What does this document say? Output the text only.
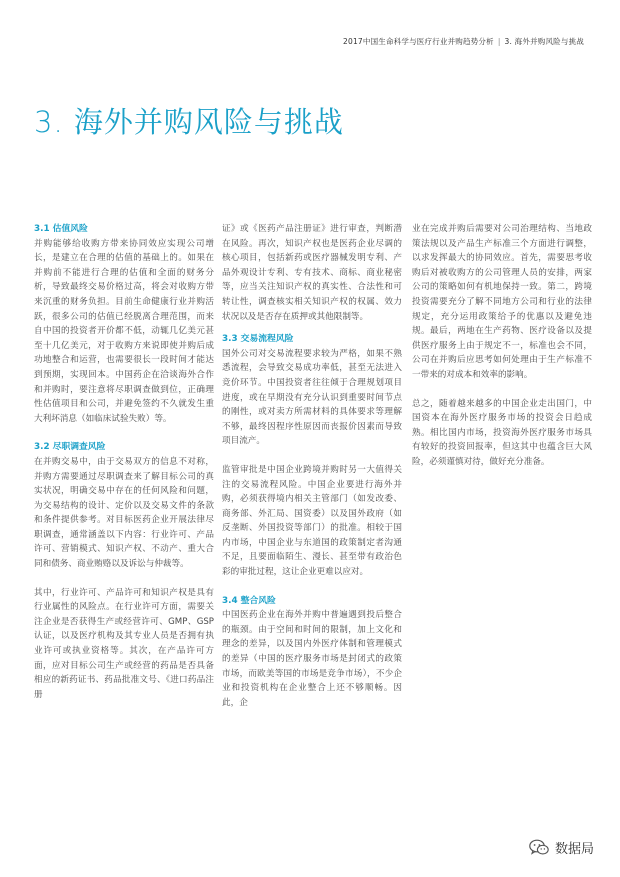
2017中国生命科学与医疗行业并购趋势分析 | 3. 海外并购风险与挑战
3. 海外并购风险与挑战

3.1 估值风险

并购能够给收购方带来协同效应实现公司增长，是建立在合理的估值的基础上的。如果在并购前不能进行合理的估值和全面的财务分析，导致最终交易价格过高，将会对收购方带来沉重的财务负担。目前生命健康行业并购活跃，很多公司的估值已经脱离合理范围，而来自中国的投资者开价都不低，动辄几亿美元甚至十几亿美元，对于收购方来说即使并购后成功地整合和运营，也需要很长一段时间才能达到预期，实现回本。中国药企在洽谈海外合作和并购时，要注意将尽职调查做到位，正确理性估值项目和公司，并避免签约不久就发生重大利坏消息（如临床试验失败）等。

3.2 尽职调查风险

在并购交易中，由于交易双方的信息不对称，并购方需要通过尽职调查来了解目标公司的真实状况，明确交易中存在的任何风险和问题，为交易结构的设计、定价以及交易文件的条款和条件提供参考。对目标医药企业开展法律尽职调查，通常涵盖以下内容：行业许可、产品许可、营销模式、知识产权、不动产、重大合同和债务、商业贿赂以及诉讼与仲裁等。

其中，行业许可、产品许可和知识产权是具有行业属性的风险点。在行业许可方面，需要关注企业是否获得生产或经营许可、GMP、GSP认证，以及医疗机构及其专业人员是否拥有执业许可或执业资格等。其次，在产品许可方面，应对目标公司生产或经营的药品是否具备相应的新药证书、药品批准文号、《进口药品注册

证》或《医药产品注册证》进行审查，判断潜在风险。再次，知识产权也是医药企业尽调的核心项目，包括新药或医疗器械发明专利、产品外观设计专利、专有技术、商标、商业秘密等，应当关注知识产权的真实性、合法性和可转让性，调查核实相关知识产权的权属、效力状况以及是否存在质押或其他限制等。

3.3 交易流程风险

国外公司对交易流程要求较为严格，如果不熟悉流程，会导致交易成功率低，甚至无法进入竞价环节。中国投资者往往倾于合理规划项目进度，或在早期没有充分认识到重要时间节点的刚性，或对卖方所需材料的具体要求等理解不够，最终因程序性原因而丧报价因素而导致项目流产。

监管审批是中国企业跨境并购时另一大值得关注的交易流程风险。中国企业要进行海外并购，必须获得境内相关主管部门（如发改委、商务部、外汇局、国资委）以及国外政府（如反垄断、外国投资等部门）的批准。相较于国内市场，中国企业与东道国的政策制定者沟通不足，且要面临陌生、漫长、甚至带有政治色彩的审批过程，这让企业更难以应对。

3.4 整合风险

中国医药企业在海外并购中普遍遇到投后整合的瓶颈。由于空间和时间的限制，加上文化和理念的差异，以及国内外医疗体制和管理模式的差异（中国的医疗服务市场是封闭式的政策市场，而欧美等国的市场是竞争市场），不少企业和投资机构在企业整合上还不够顺畅。因此，企

业在完成并购后需要对公司治理结构、当地政策法规以及产品生产标准三个方面进行调整，以求发挥最大的协同效应。首先，需要思考收购后对被收购方的公司管理人员的安排，两家公司的策略如何有机地保持一致。第二，跨境投资需要充分了解不同地方公司和行业的法律规定，充分运用政策给予的优惠以及避免违规。最后，两地在生产药物、医疗设备以及提供医疗服务上由于规定不一，标准也会不同，公司在并购后应思考如何处理由于生产标准不一带来的对成本和效率的影响。

总之，随着越来越多的中国企业走出国门，中国资本在海外医疗服务市场的投资会日趋成熟。相比国内市场，投资海外医疗服务市场具有较好的投资回报率，但这其中也蕴含巨大风险，必须谨慎对待，做好充分准备。

数据局
